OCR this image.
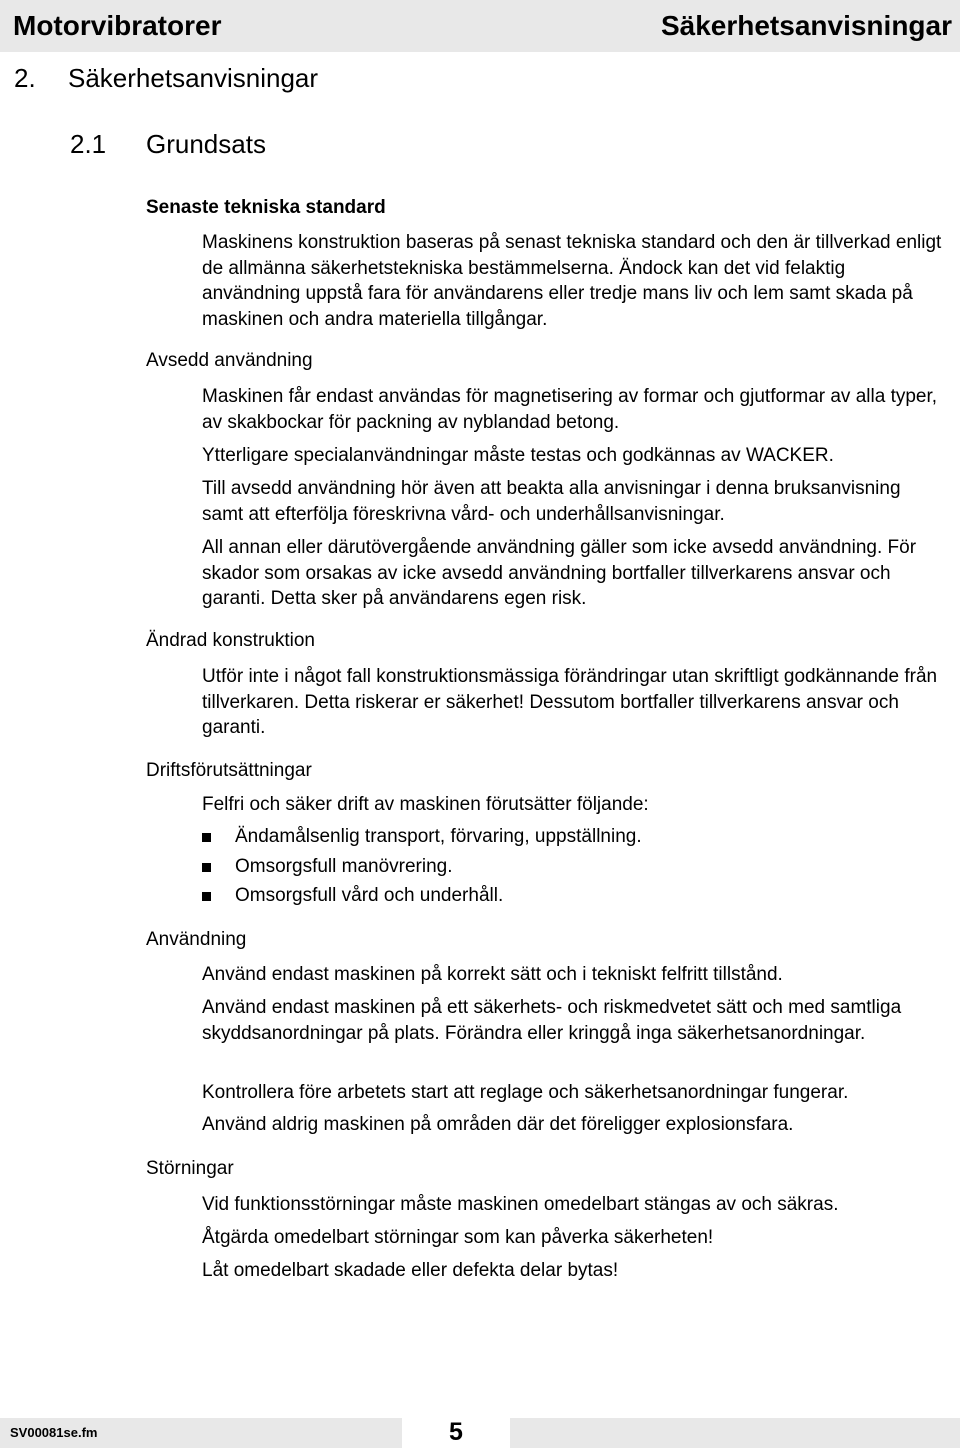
Motorvibratorer	Säkerhetsanvisningar
2. Säkerhetsanvisningar
2.1 Grundsats
Senaste tekniska standard

Maskinens konstruktion baseras på senast tekniska standard och den är tillverkad enligt de allmänna säkerhetstekniska bestämmelserna. Ändock kan det vid felaktig användning uppstå fara för användarens eller tredje mans liv och lem samt skada på maskinen och andra materiella tillgångar.

Avsedd användning

Maskinen får endast användas för magnetisering av formar och gjutformar av alla typer, av skakbockar för packning av nyblandad betong.

Ytterligare specialanvändningar måste testas och godkännas av WACKER.

Till avsedd användning hör även att beakta alla anvisningar i denna bruksanvisning samt att efterfölja föreskrivna vård- och underhållsanvisningar.

All annan eller därutövergående användning gäller som icke avsedd användning. För skador som orsakas av icke avsedd användning bortfaller tillverkarens ansvar och garanti. Detta sker på användarens egen risk.

Ändrad konstruktion

Utför inte i något fall konstruktionsmässiga förändringar utan skriftligt godkännande från tillverkaren. Detta riskerar er säkerhet! Dessutom bortfaller tillverkarens ansvar och garanti.

Driftsförutsättningar

Felfri och säker drift av maskinen förutsätter följande:

Ändamålsenlig transport, förvaring, uppställning.
Omsorgsfull manövrering.
Omsorgsfull vård och underhåll.
Användning

Använd endast maskinen på korrekt sätt och i tekniskt felfritt tillstånd.

Använd endast maskinen på ett säkerhets- och riskmedvetet sätt och med samtliga skyddsanordningar på plats. Förändra eller kringgå inga säkerhetsanordningar.

Kontrollera före arbetets start att reglage och säkerhetsanordningar fungerar.

Använd aldrig maskinen på områden där det föreligger explosionsfara.

Störningar

Vid funktionsstörningar måste maskinen omedelbart stängas av och säkras.

Åtgärda omedelbart störningar som kan påverka säkerheten!

Låt omedelbart skadade eller defekta delar bytas!

SV00081se.fm	5
